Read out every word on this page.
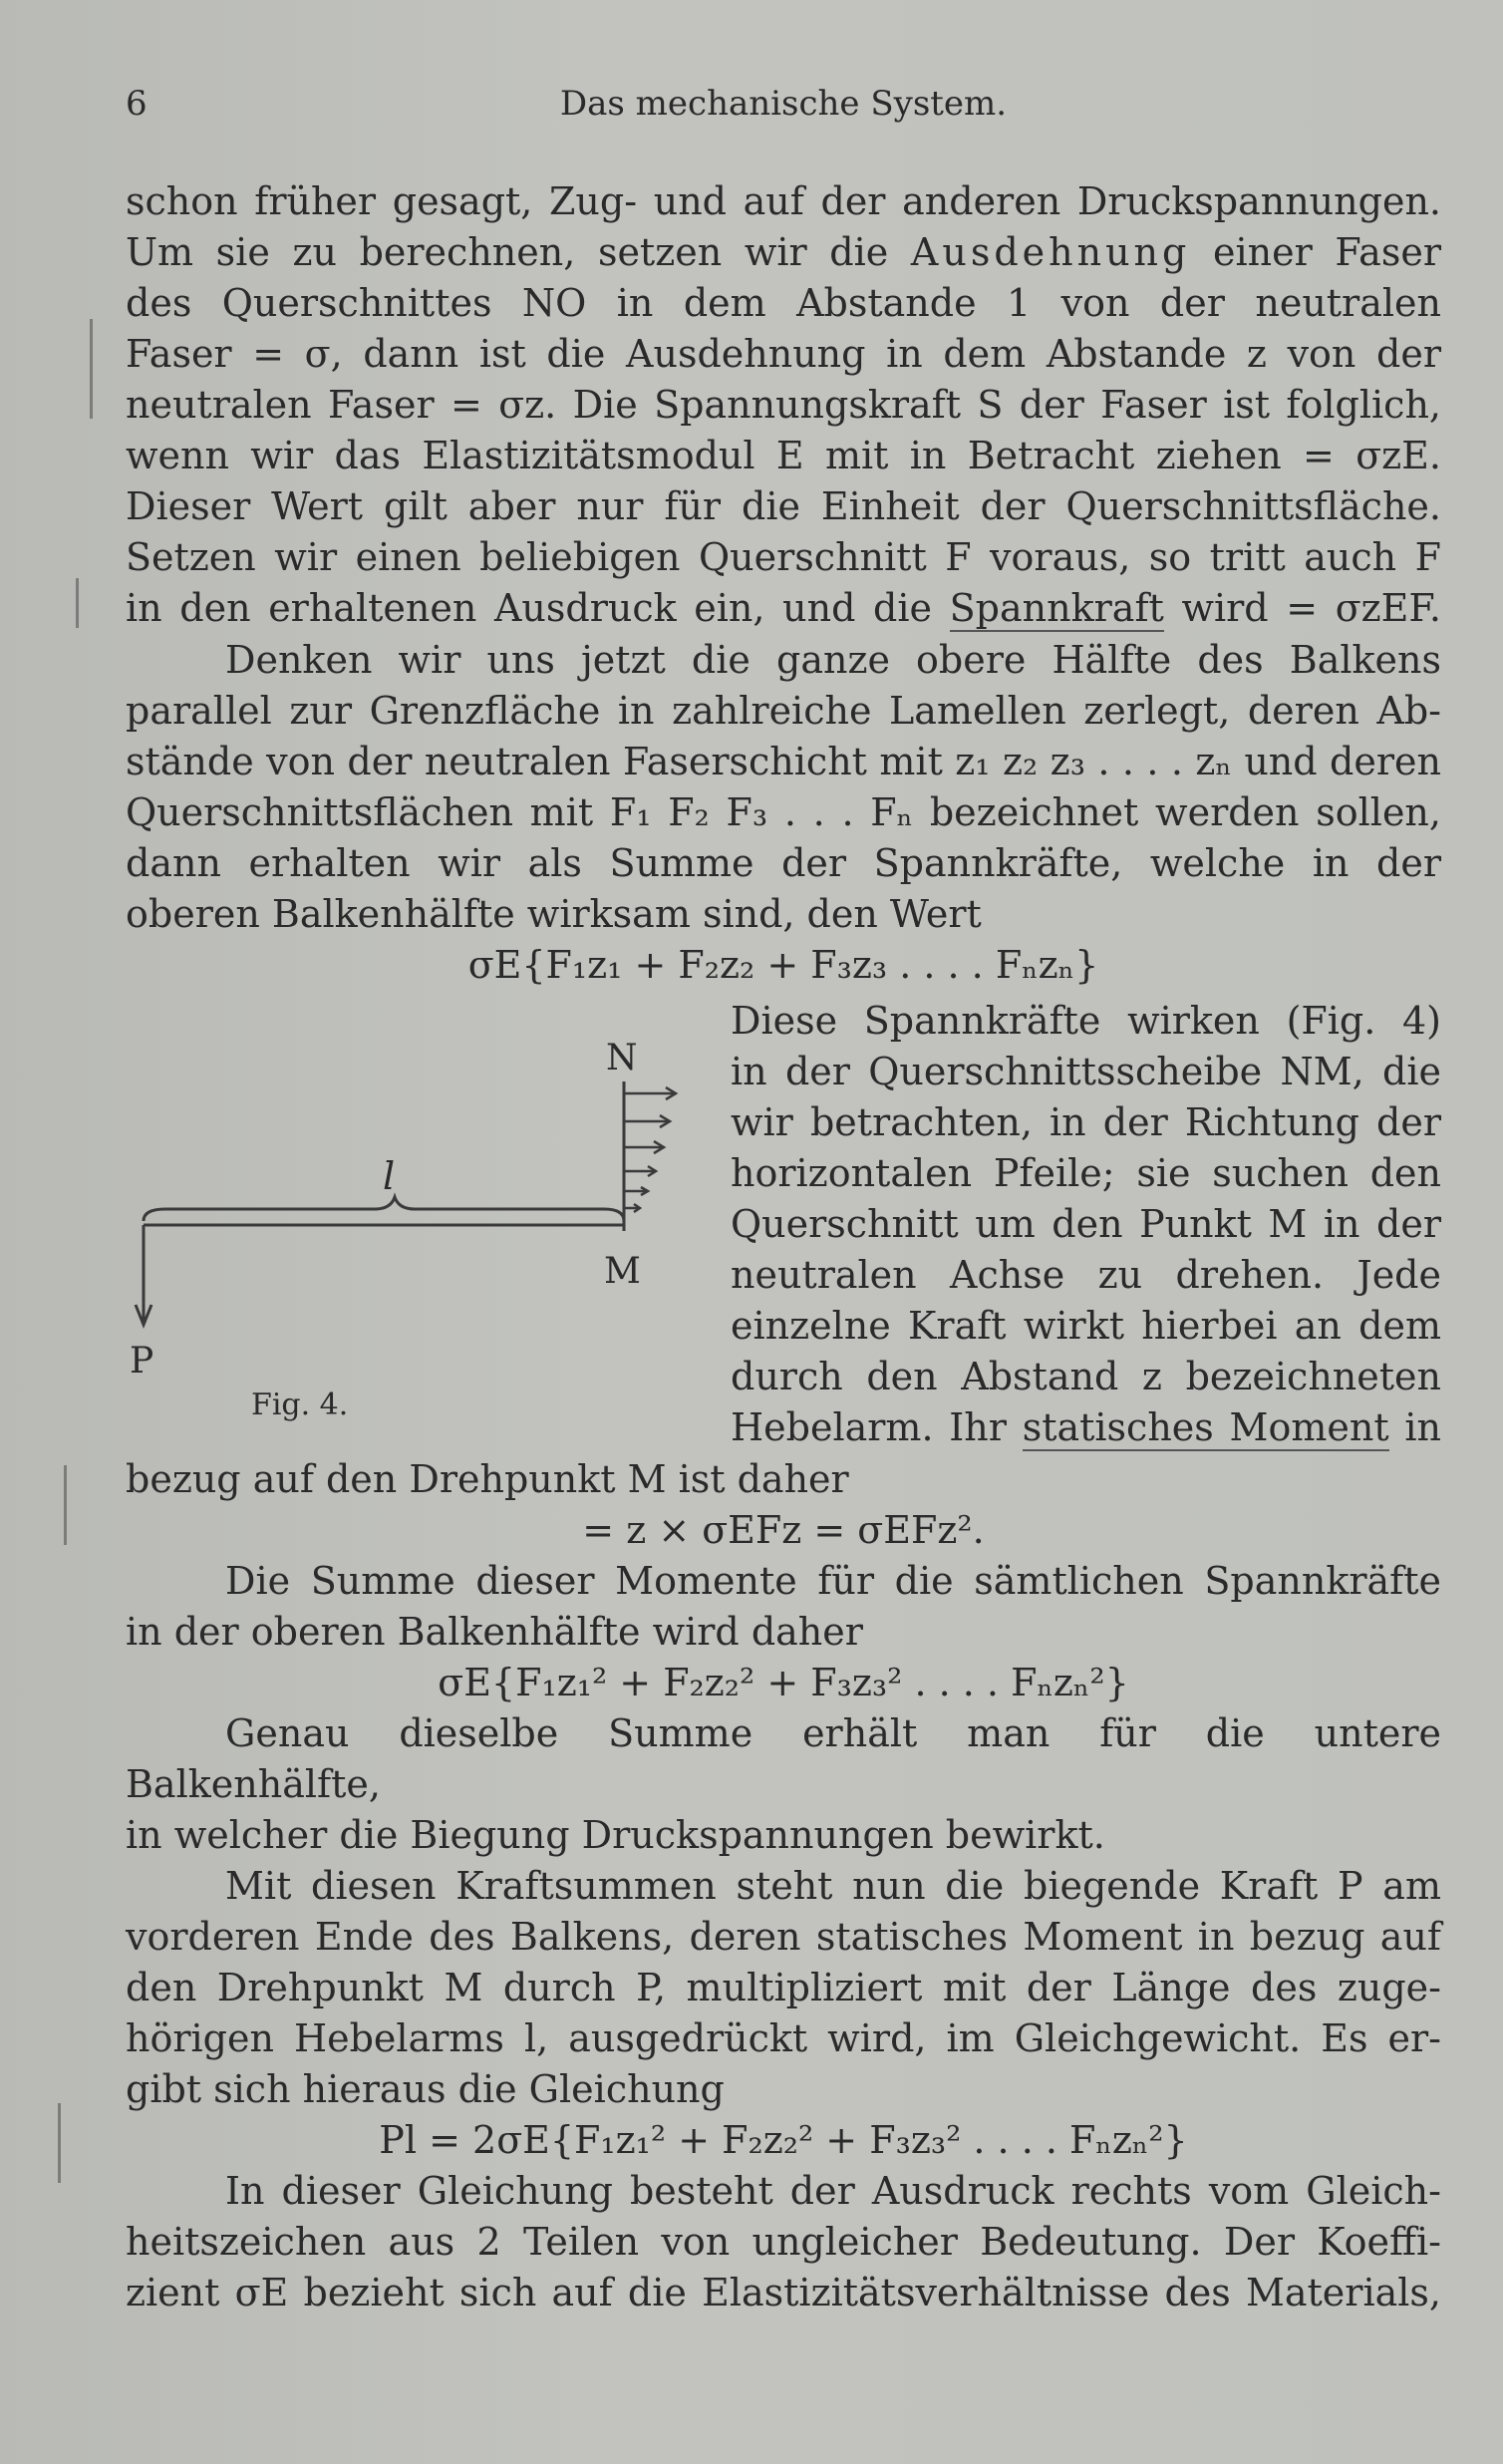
6	Das mechanische System.
schon früher gesagt, Zug- und auf der anderen Druckspannungen.
Um sie zu berechnen, setzen wir die Ausdehnung einer Faser
des Querschnittes NO in dem Abstande 1 von der neutralen
Faser = σ, dann ist die Ausdehnung in dem Abstande z von der
neutralen Faser = σz. Die Spannungskraft S der Faser ist folglich,
wenn wir das Elastizitätsmodul E mit in Betracht ziehen = σzE.
Dieser Wert gilt aber nur für die Einheit der Querschnittsfläche.
Setzen wir einen beliebigen Querschnitt F voraus, so tritt auch F
in den erhaltenen Ausdruck ein, und die Spannkraft wird = σzEF.
Denken wir uns jetzt die ganze obere Hälfte des Balkens
parallel zur Grenzfläche in zahlreiche Lamellen zerlegt, deren Ab-
stände von der neutralen Faserschicht mit z₁ z₂ z₃ . . . . zₙ und deren
Querschnittsflächen mit F₁ F₂ F₃ . . . Fₙ bezeichnet werden sollen,
dann erhalten wir als Summe der Spannkräfte, welche in der
oberen Balkenhälfte wirksam sind, den Wert
σE{F₁z₁ + F₂z₂ + F₃z₃ . . . . Fₙzₙ}
N
l
M
P
Fig. 4.
Diese Spannkräfte wirken (Fig. 4)
in der Querschnittsscheibe NM, die
wir betrachten, in der Richtung der
horizontalen Pfeile; sie suchen den
Querschnitt um den Punkt M in der
neutralen Achse zu drehen. Jede
einzelne Kraft wirkt hierbei an dem
durch den Abstand z bezeichneten
Hebelarm. Ihr statisches Moment in
bezug auf den Drehpunkt M ist daher
= z × σEFz = σEFz².
Die Summe dieser Momente für die sämtlichen Spannkräfte
in der oberen Balkenhälfte wird daher
σE{F₁z₁² + F₂z₂² + F₃z₃² . . . . Fₙzₙ²}
Genau dieselbe Summe erhält man für die untere Balkenhälfte,
in welcher die Biegung Druckspannungen bewirkt.
Mit diesen Kraftsummen steht nun die biegende Kraft P am
vorderen Ende des Balkens, deren statisches Moment in bezug auf
den Drehpunkt M durch P, multipliziert mit der Länge des zuge-
hörigen Hebelarms l, ausgedrückt wird, im Gleichgewicht. Es er-
gibt sich hieraus die Gleichung
Pl = 2σE{F₁z₁² + F₂z₂² + F₃z₃² . . . . Fₙzₙ²}
In dieser Gleichung besteht der Ausdruck rechts vom Gleich-
heitszeichen aus 2 Teilen von ungleicher Bedeutung. Der Koeffi-
zient σE bezieht sich auf die Elastizitätsverhältnisse des Materials,
